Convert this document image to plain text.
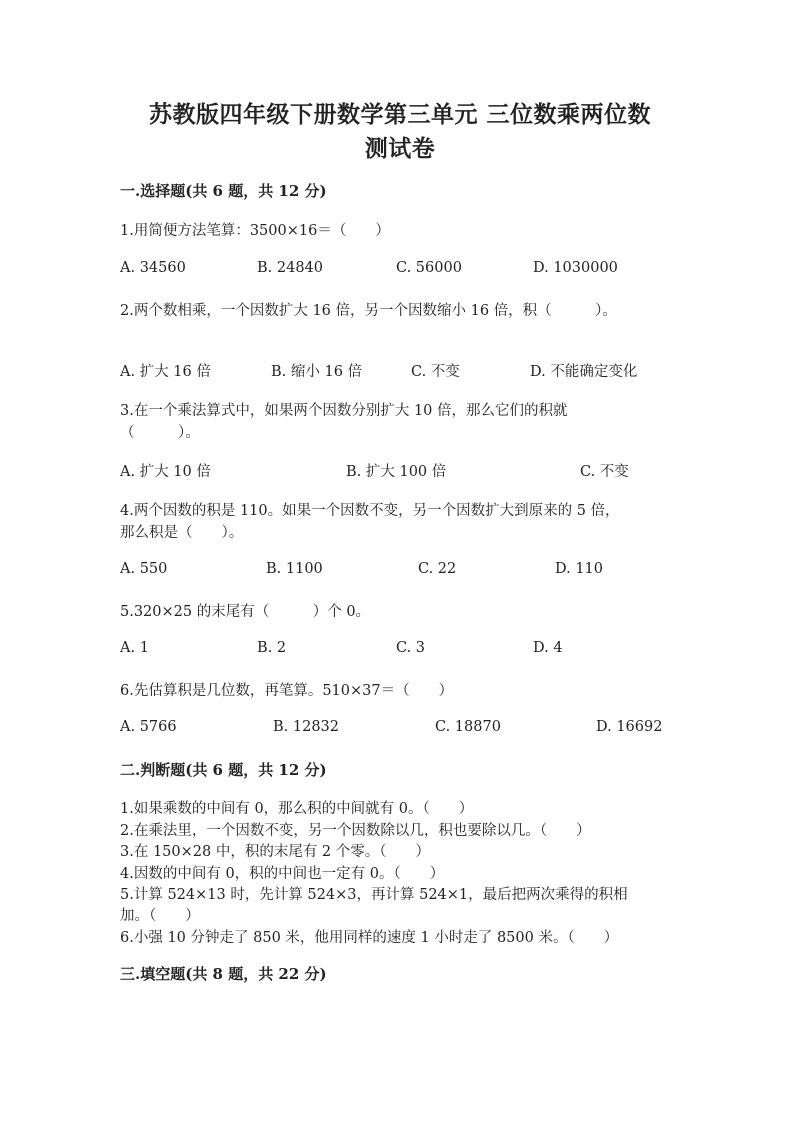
苏教版四年级下册数学第三单元 三位数乘两位数
测试卷
一.选择题(共 6 题，共 12 分)
1.用简便方法笔算：3500×16＝（　　）
A. 34560	B. 24840	C. 56000	D. 1030000
2.两个数相乘，一个因数扩大 16 倍，另一个因数缩小 16 倍，积（　　　）。
A. 扩大 16 倍	B. 缩小 16 倍	C. 不变	D. 不能确定变化
3.在一个乘法算式中，如果两个因数分别扩大 10 倍，那么它们的积就
（　　　）。
A. 扩大 10 倍	B. 扩大 100 倍	C. 不变
4.两个因数的积是 110。如果一个因数不变，另一个因数扩大到原来的 5 倍，
那么积是（　　）。
A. 550	B. 1100	C. 22	D. 110
5.320×25 的末尾有（　　　）个 0。
A. 1	B. 2	C. 3	D. 4
6.先估算积是几位数，再笔算。510×37＝（　　）
A. 5766	B. 12832	C. 18870	D. 16692
二.判断题(共 6 题，共 12 分)
1.如果乘数的中间有 0，那么积的中间就有 0。（　　）
2.在乘法里，一个因数不变，另一个因数除以几，积也要除以几。（　　）
3.在 150×28 中，积的末尾有 2 个零。（　　）
4.因数的中间有 0，积的中间也一定有 0。（　　）
5.计算 524×13 时，先计算 524×3，再计算 524×1，最后把两次乘得的积相
加。（　　）
6.小强 10 分钟走了 850 米，他用同样的速度 1 小时走了 8500 米。（　　）
三.填空题(共 8 题，共 22 分)
